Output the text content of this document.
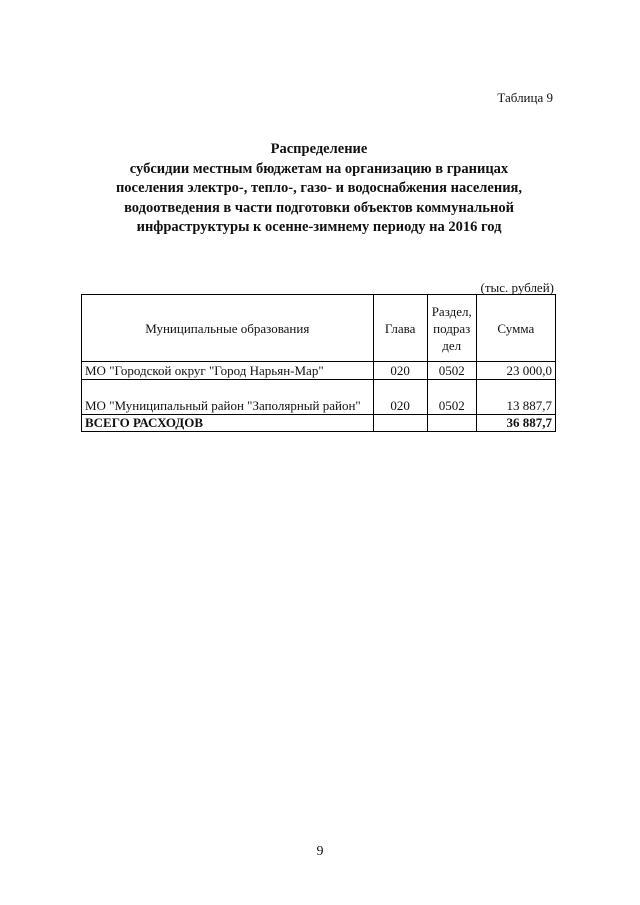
Таблица 9
Распределение
субсидии местным бюджетам на организацию в границах
поселения электро-, тепло-, газо- и водоснабжения населения,
водоотведения в части подготовки объектов коммунальной
инфраструктуры к осенне-зимнему периоду на 2016 год
(тыс. рублей)
Муниципальные образования	Глава	Раздел,
подраз
дел	Сумма
МО "Городской округ "Город Нарьян-Мар"	020	0502	23 000,0
МО "Муниципальный район "Заполярный район"	020	0502	13 887,7
ВСЕГО РАСХОДОВ			36 887,7
9
